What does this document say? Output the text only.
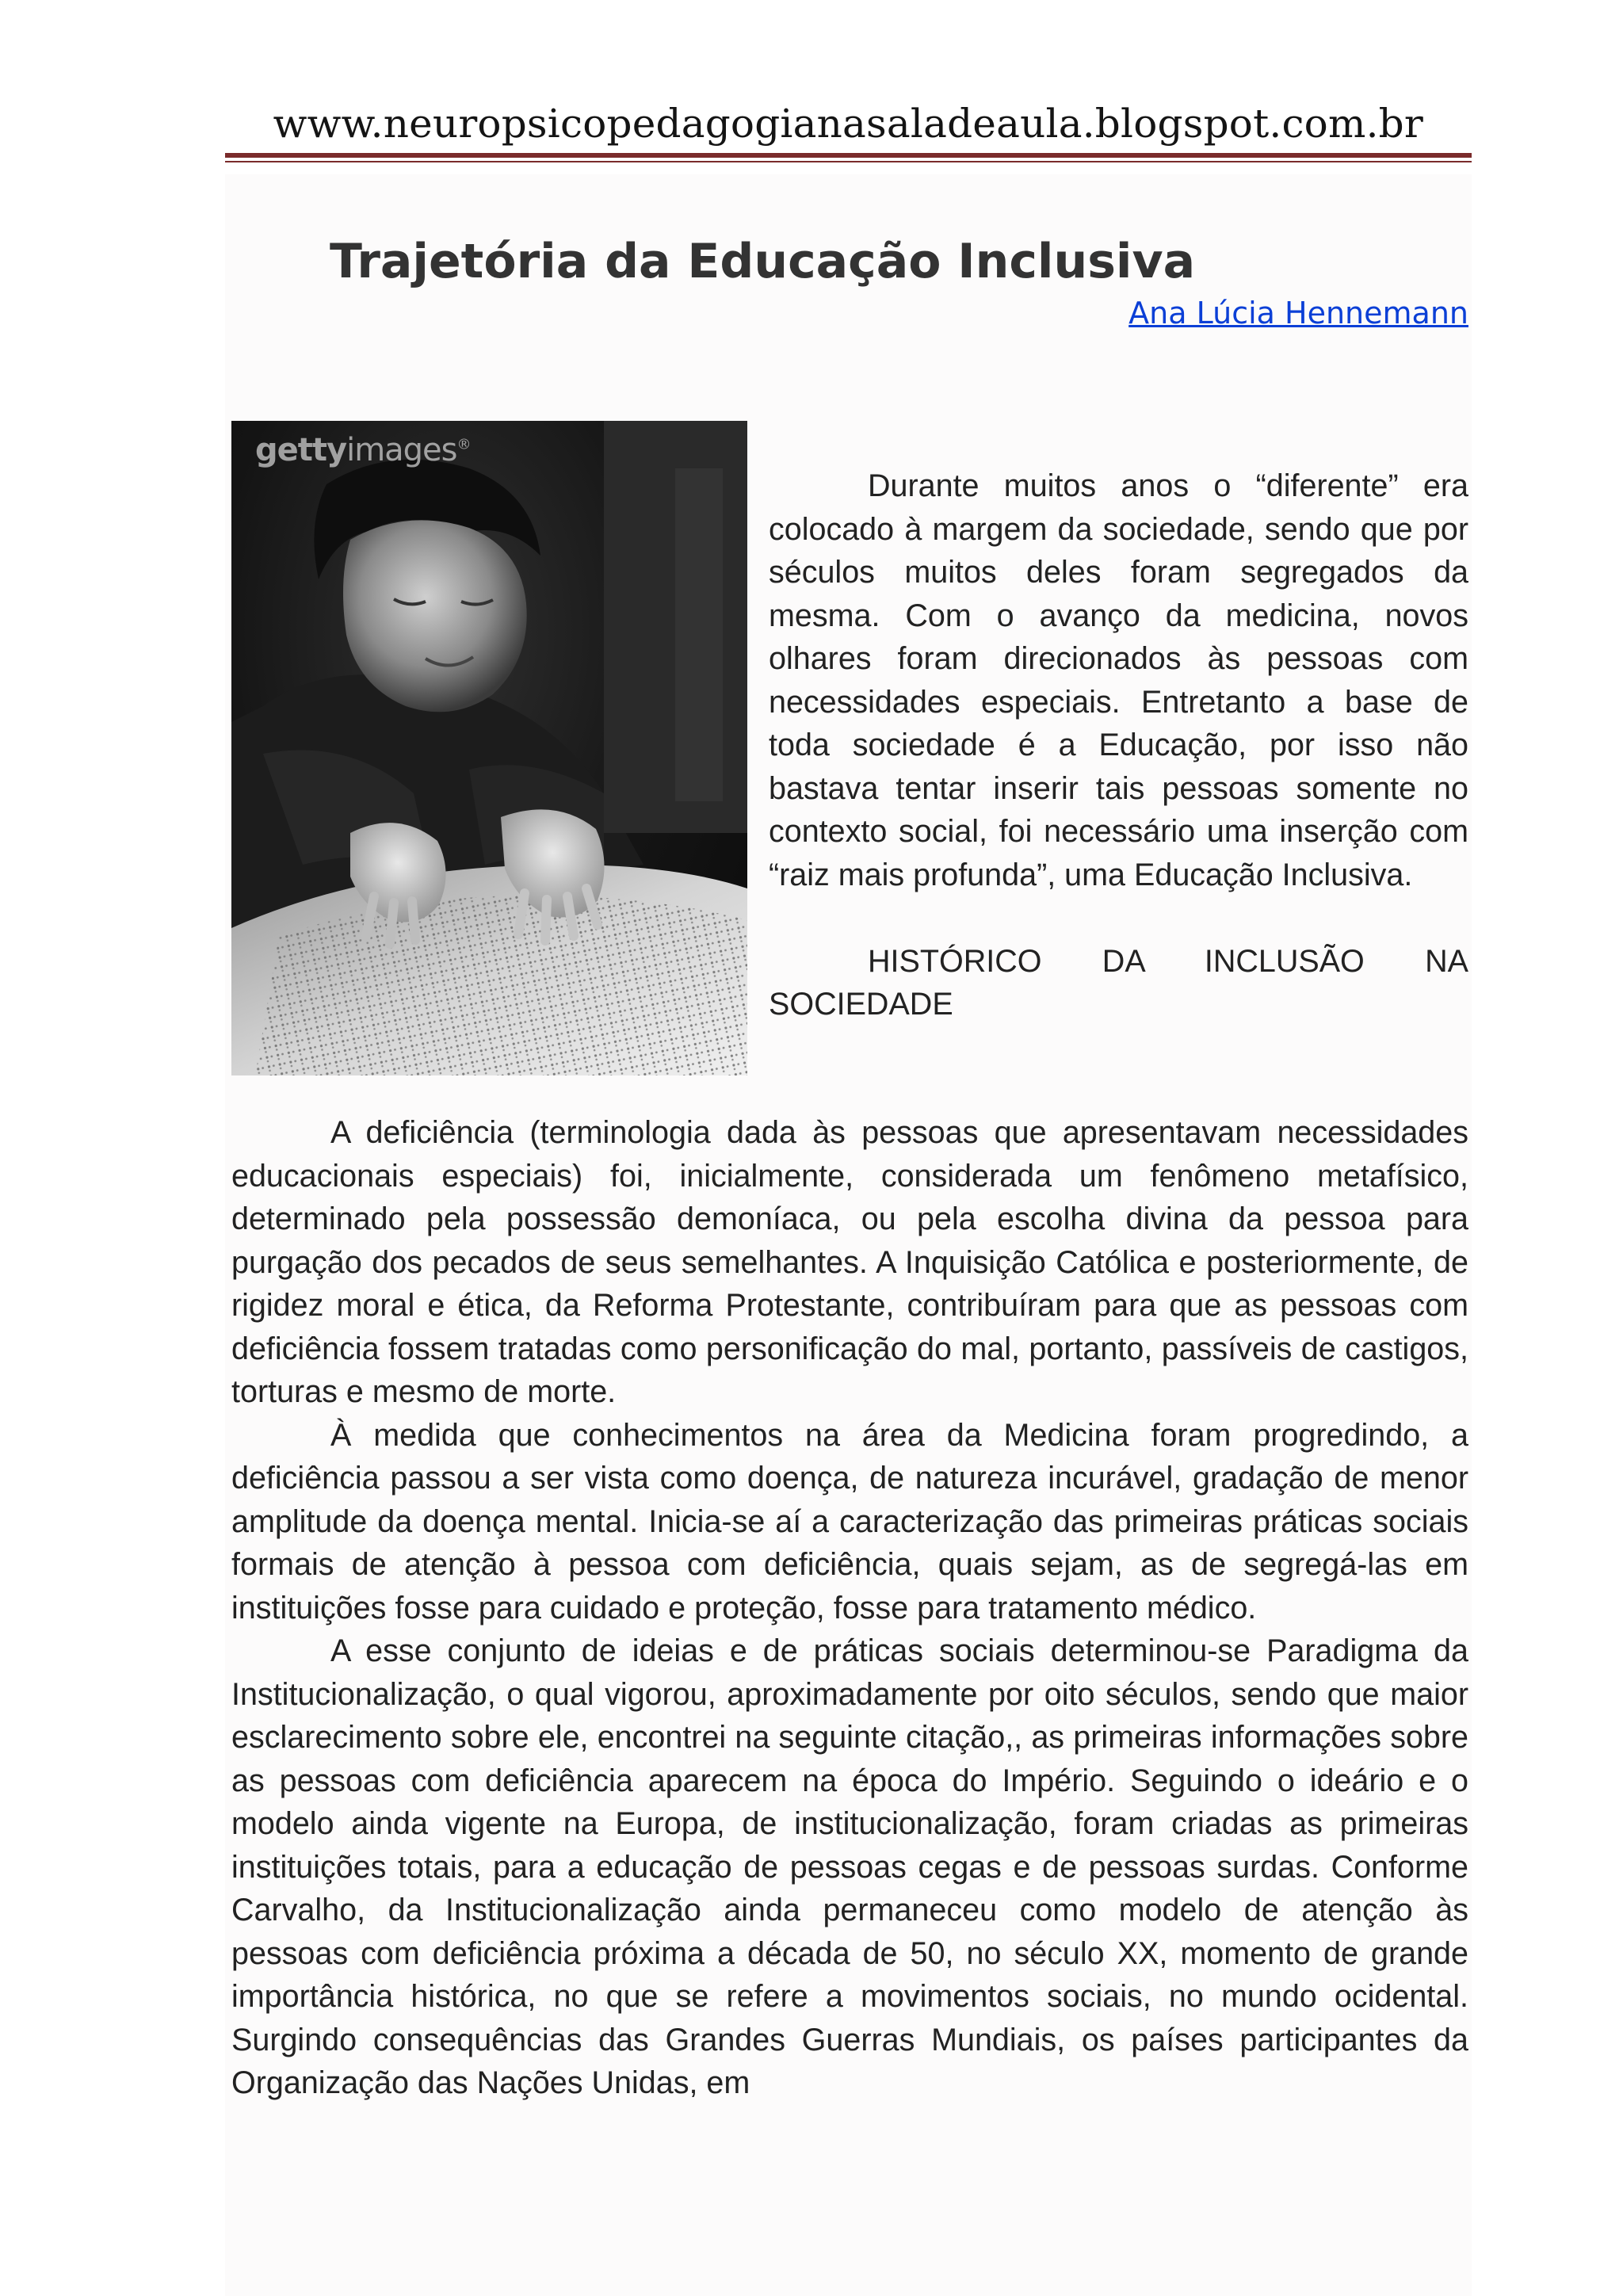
www.neuropsicopedagogianasaladeaula.blogspot.com.br
Trajetória da Educação Inclusiva
Ana Lúcia Hennemann
gettyimages®

Durante muitos anos o “diferente” era colocado à margem da sociedade, sendo que por séculos muitos deles foram segregados da mesma. Com o avanço da medicina, novos olhares foram direcionados às pessoas com necessidades especiais. Entretanto a base de toda sociedade é a Educação, por isso não bastava tentar inserir tais pessoas somente no contexto social, foi necessário uma inserção com “raiz mais profunda”, uma Educação Inclusiva.

HISTÓRICO DA INCLUSÃO NA SOCIEDADE

A deficiência (terminologia dada às pessoas que apresentavam necessidades educacionais especiais) foi, inicialmente, considerada um fenômeno metafísico, determinado pela possessão demoníaca, ou pela escolha divina da pessoa para purgação dos pecados de seus semelhantes. A Inquisição Católica e posteriormente, de rigidez moral e ética, da Reforma Protestante, contribuíram para que as pessoas com deficiência fossem tratadas como personificação do mal, portanto, passíveis de castigos, torturas e mesmo de morte.

À medida que conhecimentos na área da Medicina foram progredindo, a deficiência passou a ser vista como doença, de natureza incurável, gradação de menor amplitude da doença mental. Inicia-se aí a caracterização das primeiras práticas sociais formais de atenção à pessoa com deficiência, quais sejam, as de segregá-las em instituições fosse para cuidado e proteção, fosse para tratamento médico.

A esse conjunto de ideias e de práticas sociais determinou-se Paradigma da Institucionalização, o qual vigorou, aproximadamente por oito séculos, sendo que maior esclarecimento sobre ele, encontrei na seguinte citação,, as primeiras informações sobre as pessoas com deficiência aparecem na época do Império. Seguindo o ideário e o modelo ainda vigente na Europa, de institucionalização, foram criadas as primeiras instituições totais, para a educação de pessoas cegas e de pessoas surdas. Conforme Carvalho, da Institucionalização ainda permaneceu como modelo de atenção às pessoas com deficiência próxima a década de 50, no século XX, momento de grande importância histórica, no que se refere a movimentos sociais, no mundo ocidental. Surgindo consequências das Grandes Guerras Mundiais, os países participantes da Organização das Nações Unidas, em
